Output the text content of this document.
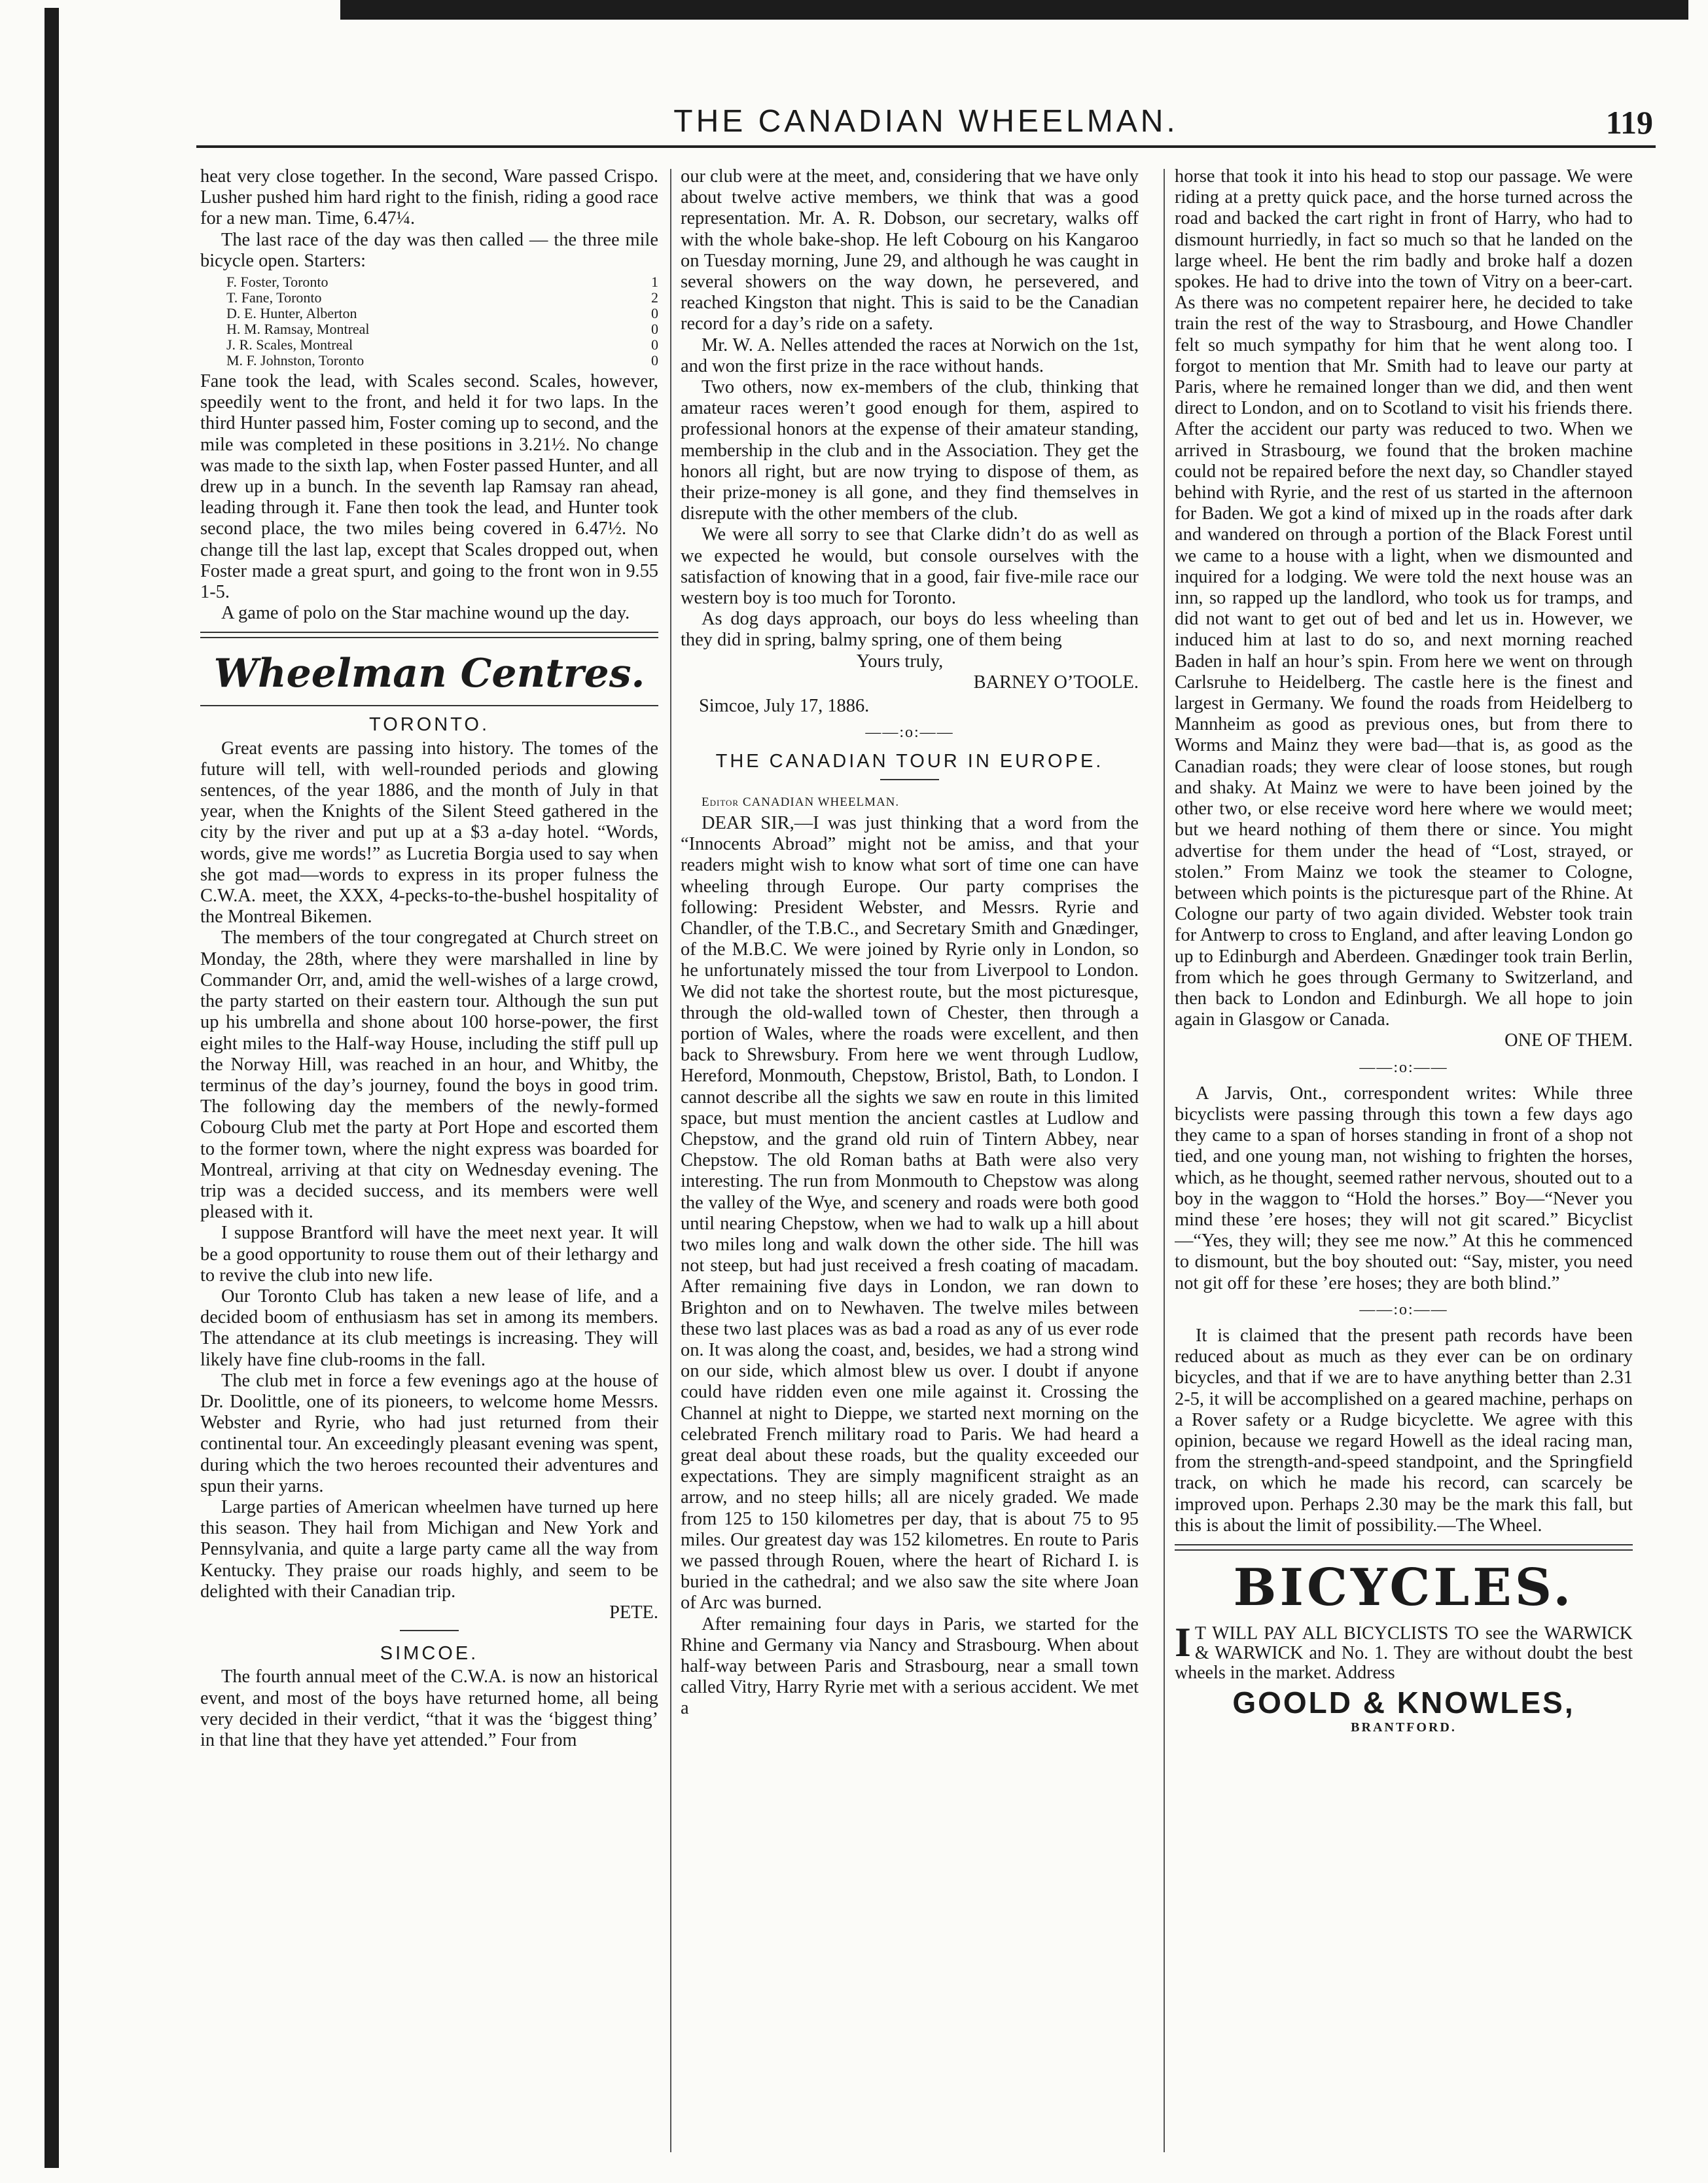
THE CANADIAN WHEELMAN.	119

heat very close together. In the second, Ware passed Crispo. Lusher pushed him hard right to the finish, riding a good race for a new man. Time, 6.47¼.

The last race of the day was then called — the three mile bicycle open. Starters:

F. Foster, Toronto	1
T. Fane, Toronto	2
D. E. Hunter, Alberton	0
H. M. Ramsay, Montreal	0
J. R. Scales, Montreal	0
M. F. Johnston, Toronto	0

Fane took the lead, with Scales second. Scales, however, speedily went to the front, and held it for two laps. In the third Hunter passed him, Foster coming up to second, and the mile was completed in these positions in 3.21½. No change was made to the sixth lap, when Foster passed Hunter, and all drew up in a bunch. In the seventh lap Ramsay ran ahead, leading through it. Fane then took the lead, and Hunter took second place, the two miles being covered in 6.47½. No change till the last lap, except that Scales dropped out, when Foster made a great spurt, and going to the front won in 9.55 1-5.

A game of polo on the Star machine wound up the day.

Wheelman Centres.
TORONTO.

Great events are passing into history. The tomes of the future will tell, with well-rounded periods and glowing sentences, of the year 1886, and the month of July in that year, when the Knights of the Silent Steed gathered in the city by the river and put up at a $3 a-day hotel. “Words, words, give me words!” as Lucretia Borgia used to say when she got mad—words to express in its proper fulness the C.W.A. meet, the XXX, 4-pecks-to-the-bushel hospitality of the Montreal Bikemen.

The members of the tour congregated at Church street on Monday, the 28th, where they were marshalled in line by Commander Orr, and, amid the well-wishes of a large crowd, the party started on their eastern tour. Although the sun put up his umbrella and shone about 100 horse-power, the first eight miles to the Half-way House, including the stiff pull up the Norway Hill, was reached in an hour, and Whitby, the terminus of the day’s journey, found the boys in good trim. The following day the members of the newly-formed Cobourg Club met the party at Port Hope and escorted them to the former town, where the night express was boarded for Montreal, arriving at that city on Wednesday evening. The trip was a decided success, and its members were well pleased with it.

I suppose Brantford will have the meet next year. It will be a good opportunity to rouse them out of their lethargy and to revive the club into new life.

Our Toronto Club has taken a new lease of life, and a decided boom of enthusiasm has set in among its members. The attendance at its club meetings is increasing. They will likely have fine club-rooms in the fall.

The club met in force a few evenings ago at the house of Dr. Doolittle, one of its pioneers, to welcome home Messrs. Webster and Ryrie, who had just returned from their continental tour. An exceedingly pleasant evening was spent, during which the two heroes recounted their adventures and spun their yarns.

Large parties of American wheelmen have turned up here this season. They hail from Michigan and New York and Pennsylvania, and quite a large party came all the way from Kentucky. They praise our roads highly, and seem to be delighted with their Canadian trip.

PETE.
SIMCOE.

The fourth annual meet of the C.W.A. is now an historical event, and most of the boys have returned home, all being very decided in their verdict, “that it was the ‘biggest thing’ in that line that they have yet attended.” Four from

our club were at the meet, and, considering that we have only about twelve active members, we think that was a good representation. Mr. A. R. Dobson, our secretary, walks off with the whole bake-shop. He left Cobourg on his Kangaroo on Tuesday morning, June 29, and although he was caught in several showers on the way down, he persevered, and reached Kingston that night. This is said to be the Canadian record for a day’s ride on a safety.

Mr. W. A. Nelles attended the races at Norwich on the 1st, and won the first prize in the race without hands.

Two others, now ex-members of the club, thinking that amateur races weren’t good enough for them, aspired to professional honors at the expense of their amateur standing, membership in the club and in the Association. They get the honors all right, but are now trying to dispose of them, as their prize-money is all gone, and they find themselves in disrepute with the other members of the club.

We were all sorry to see that Clarke didn’t do as well as we expected he would, but console ourselves with the satisfaction of knowing that in a good, fair five-mile race our western boy is too much for Toronto.

As dog days approach, our boys do less wheeling than they did in spring, balmy spring, one of them being

Yours truly,
BARNEY O’TOOLE.
Simcoe, July 17, 1886.
——:o:——
THE CANADIAN TOUR IN EUROPE.

Editor CANADIAN WHEELMAN.

DEAR SIR,—I was just thinking that a word from the “Innocents Abroad” might not be amiss, and that your readers might wish to know what sort of time one can have wheeling through Europe. Our party comprises the following: President Webster, and Messrs. Ryrie and Chandler, of the T.B.C., and Secretary Smith and Gnædinger, of the M.B.C. We were joined by Ryrie only in London, so he unfortunately missed the tour from Liverpool to London. We did not take the shortest route, but the most picturesque, through the old-walled town of Chester, then through a portion of Wales, where the roads were excellent, and then back to Shrewsbury. From here we went through Ludlow, Hereford, Monmouth, Chepstow, Bristol, Bath, to London. I cannot describe all the sights we saw en route in this limited space, but must mention the ancient castles at Ludlow and Chepstow, and the grand old ruin of Tintern Abbey, near Chepstow. The old Roman baths at Bath were also very interesting. The run from Monmouth to Chepstow was along the valley of the Wye, and scenery and roads were both good until nearing Chepstow, when we had to walk up a hill about two miles long and walk down the other side. The hill was not steep, but had just received a fresh coating of macadam. After remaining five days in London, we ran down to Brighton and on to Newhaven. The twelve miles between these two last places was as bad a road as any of us ever rode on. It was along the coast, and, besides, we had a strong wind on our side, which almost blew us over. I doubt if anyone could have ridden even one mile against it. Crossing the Channel at night to Dieppe, we started next morning on the celebrated French military road to Paris. We had heard a great deal about these roads, but the quality exceeded our expectations. They are simply magnificent straight as an arrow, and no steep hills; all are nicely graded. We made from 125 to 150 kilometres per day, that is about 75 to 95 miles. Our greatest day was 152 kilometres. En route to Paris we passed through Rouen, where the heart of Richard I. is buried in the cathedral; and we also saw the site where Joan of Arc was burned.

After remaining four days in Paris, we started for the Rhine and Germany via Nancy and Strasbourg. When about half-way between Paris and Strasbourg, near a small town called Vitry, Harry Ryrie met with a serious accident. We met a

horse that took it into his head to stop our passage. We were riding at a pretty quick pace, and the horse turned across the road and backed the cart right in front of Harry, who had to dismount hurriedly, in fact so much so that he landed on the large wheel. He bent the rim badly and broke half a dozen spokes. He had to drive into the town of Vitry on a beer-cart. As there was no competent repairer here, he decided to take train the rest of the way to Strasbourg, and Howe Chandler felt so much sympathy for him that he went along too. I forgot to mention that Mr. Smith had to leave our party at Paris, where he remained longer than we did, and then went direct to London, and on to Scotland to visit his friends there. After the accident our party was reduced to two. When we arrived in Strasbourg, we found that the broken machine could not be repaired before the next day, so Chandler stayed behind with Ryrie, and the rest of us started in the afternoon for Baden. We got a kind of mixed up in the roads after dark and wandered on through a portion of the Black Forest until we came to a house with a light, when we dismounted and inquired for a lodging. We were told the next house was an inn, so rapped up the landlord, who took us for tramps, and did not want to get out of bed and let us in. However, we induced him at last to do so, and next morning reached Baden in half an hour’s spin. From here we went on through Carlsruhe to Heidelberg. The castle here is the finest and largest in Germany. We found the roads from Heidelberg to Mannheim as good as previous ones, but from there to Worms and Mainz they were bad—that is, as good as the Canadian roads; they were clear of loose stones, but rough and shaky. At Mainz we were to have been joined by the other two, or else receive word here where we would meet; but we heard nothing of them there or since. You might advertise for them under the head of “Lost, strayed, or stolen.” From Mainz we took the steamer to Cologne, between which points is the picturesque part of the Rhine. At Cologne our party of two again divided. Webster took train for Antwerp to cross to England, and after leaving London go up to Edinburgh and Aberdeen. Gnædinger took train Berlin, from which he goes through Germany to Switzerland, and then back to London and Edinburgh. We all hope to join again in Glasgow or Canada.

ONE OF THEM.
——:o:——

A Jarvis, Ont., correspondent writes: While three bicyclists were passing through this town a few days ago they came to a span of horses standing in front of a shop not tied, and one young man, not wishing to frighten the horses, which, as he thought, seemed rather nervous, shouted out to a boy in the waggon to “Hold the horses.” Boy—“Never you mind these ’ere hoses; they will not git scared.” Bicyclist—“Yes, they will; they see me now.” At this he commenced to dismount, but the boy shouted out: “Say, mister, you need not git off for these ’ere hoses; they are both blind.”

——:o:——

It is claimed that the present path records have been reduced about as much as they ever can be on ordinary bicycles, and that if we are to have anything better than 2.31 2-5, it will be accomplished on a geared machine, perhaps on a Rover safety or a Rudge bicyclette. We agree with this opinion, because we regard Howell as the ideal racing man, from the strength-and-speed standpoint, and the Springfield track, on which he made his record, can scarcely be improved upon. Perhaps 2.30 may be the mark this fall, but this is about the limit of possibility.—The Wheel.

BICYCLES.
I T WILL PAY ALL BICYCLISTS TO see the WARWICK & WARWICK and No. 1. They are without doubt the best wheels in the market. Address
GOOLD & KNOWLES,
BRANTFORD.
